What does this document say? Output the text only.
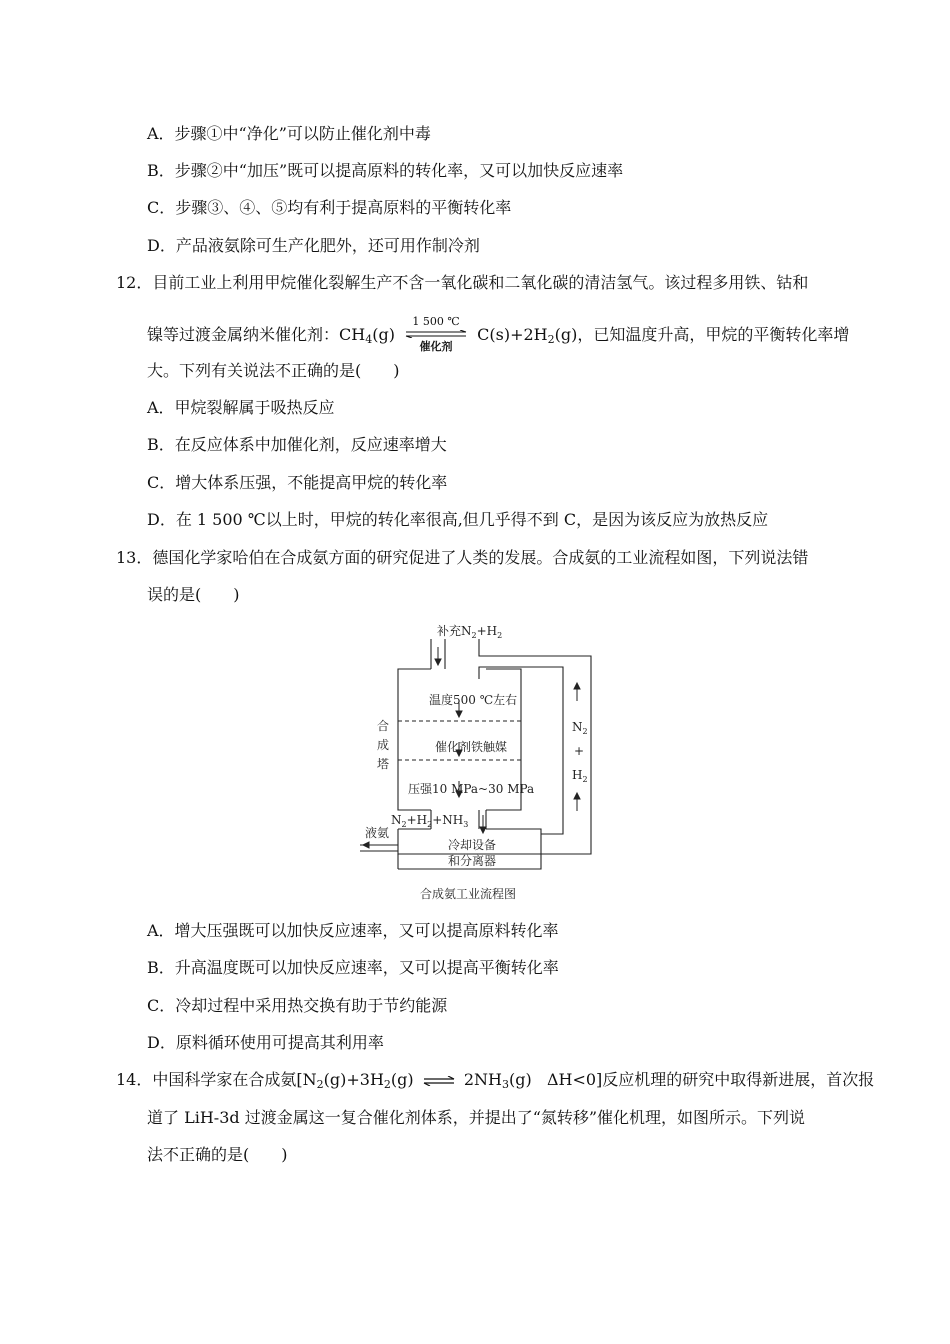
A．步骤①中“净化”可以防止催化剂中毒
B．步骤②中“加压”既可以提高原料的转化率，又可以加快反应速率
C．步骤③、④、⑤均有利于提高原料的平衡转化率
D．产品液氨除可生产化肥外，还可用作制冷剂
12．目前工业上利用甲烷催化裂解生产不含一氧化碳和二氧化碳的清洁氢气。该过程多用铁、钴和
镍等过渡金属纳米催化剂：$CH_4(g)$
1 500 ℃
催化剂
$C(s)+2H_2(g)$，已知温度升高，甲烷的平衡转化率增
大。下列有关说法不正确的是(　　)
A．甲烷裂解属于吸热反应
B．在反应体系中加催化剂，反应速率增大
C．增大体系压强，不能提高甲烷的转化率
D．在 1 500 ℃以上时，甲烷的转化率很高,但几乎得不到 C，是因为该反应为放热反应
13．德国化学家哈伯在合成氨方面的研究促进了人类的发展。合成氨的工业流程如图，下列说法错
误的是(　　)
补充$N_2+H_2$
温度500 ℃左右
催化剂铁触媒
压强10 MPa~30 MPa
合
成
塔
$N_2+H_2+NH_3$
冷却设备
和分离器
液氨
$N_2$
+
$H_2$
合成氨工业流程图
A．增大压强既可以加快反应速率，又可以提高原料转化率
B．升高温度既可以加快反应速率，又可以提高平衡转化率
C．冷却过程中采用热交换有助于节约能源
D．原料循环使用可提高其利用率
14．中国科学家在合成氨[$N_2(g)+3H_2(g)$ ⇌ $2NH_3(g)$ ΔH<0]反应机理的研究中取得新进展，首次报
道了 LiH-3d 过渡金属这一复合催化剂体系，并提出了“氮转移”催化机理，如图所示。下列说
法不正确的是(　　)
